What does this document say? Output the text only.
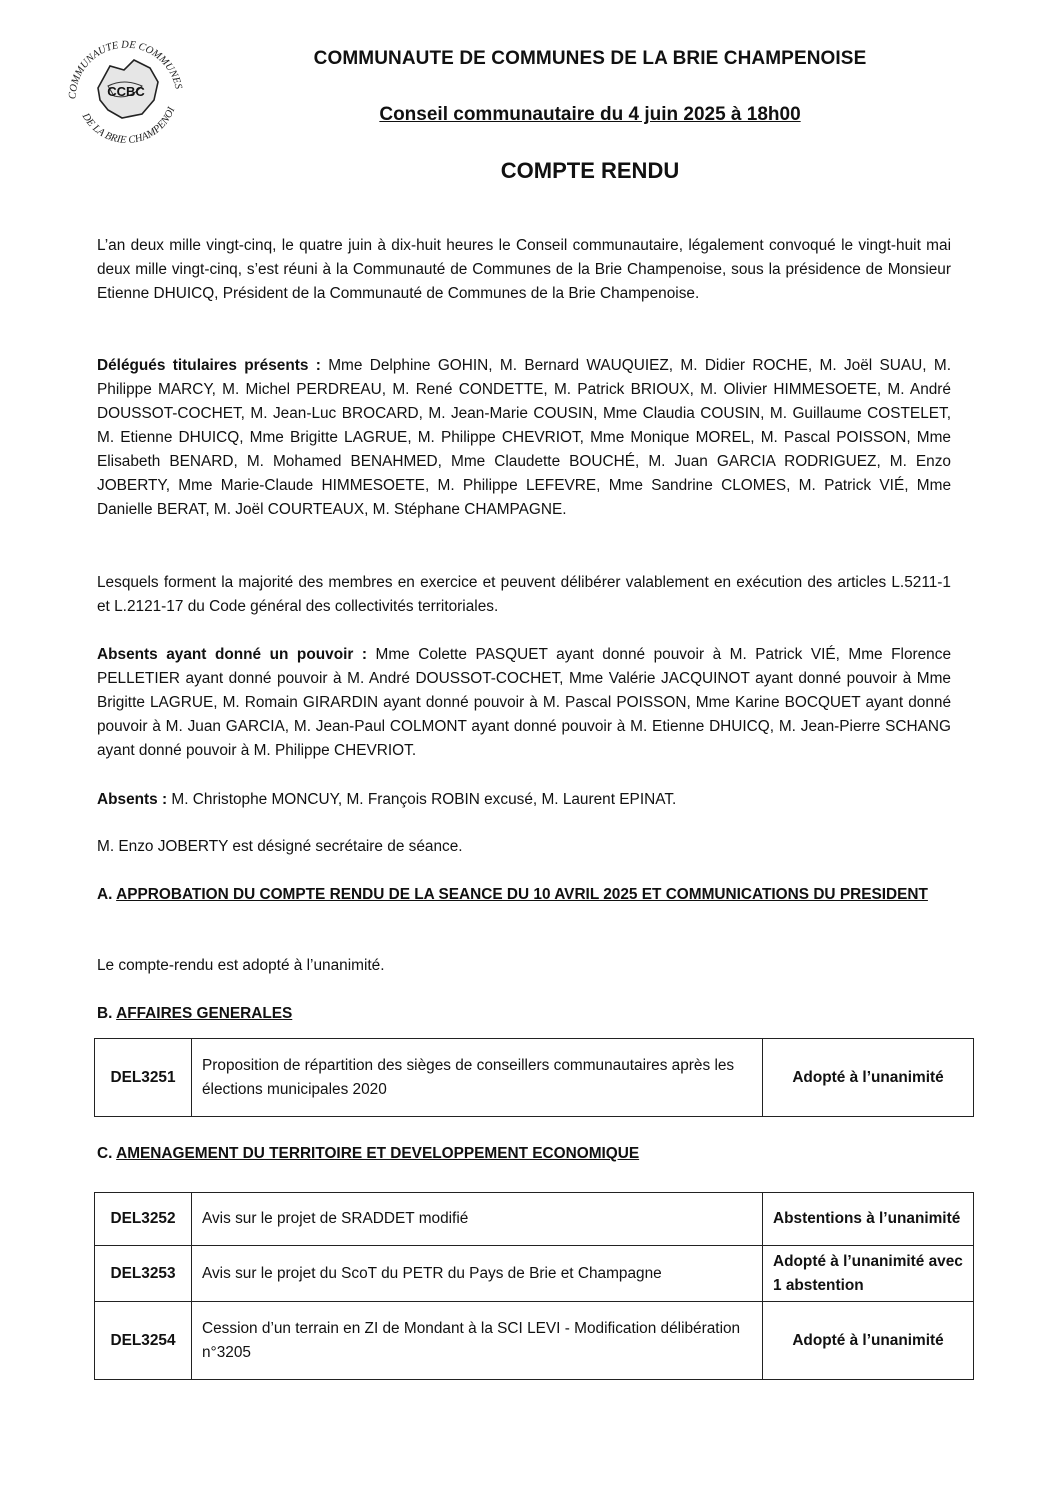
COMMUNAUTE DE COMMUNES
DE LA BRIE CHAMPENOI
CCBC
COMMUNAUTE DE COMMUNES DE LA BRIE CHAMPENOISE
Conseil communautaire du 4 juin 2025 à 18h00
COMPTE RENDU
L’an deux mille vingt-cinq, le quatre juin à dix-huit heures le Conseil communautaire, légalement convoqué le vingt-huit mai deux mille vingt-cinq, s’est réuni à la Communauté de Communes de la Brie Champenoise, sous la présidence de Monsieur Etienne DHUICQ, Président de la Communauté de Communes de la Brie Champenoise.
Délégués titulaires présents : Mme Delphine GOHIN, M. Bernard WAUQUIEZ, M. Didier ROCHE, M. Joël SUAU, M. Philippe MARCY, M. Michel PERDREAU, M. René CONDETTE, M. Patrick BRIOUX, M. Olivier HIMMESOETE, M. André DOUSSOT-COCHET, M. Jean-Luc BROCARD, M. Jean-Marie COUSIN, Mme Claudia COUSIN, M. Guillaume COSTELET, M. Etienne DHUICQ, Mme Brigitte LAGRUE, M. Philippe CHEVRIOT, Mme Monique MOREL, M. Pascal POISSON, Mme Elisabeth BENARD, M. Mohamed BENAHMED, Mme Claudette BOUCHÉ, M. Juan GARCIA RODRIGUEZ, M. Enzo JOBERTY, Mme Marie-Claude HIMMESOETE, M. Philippe LEFEVRE, Mme Sandrine CLOMES, M. Patrick VIÉ, Mme Danielle BERAT, M. Joël COURTEAUX, M. Stéphane CHAMPAGNE.
Lesquels forment la majorité des membres en exercice et peuvent délibérer valablement en exécution des articles L.5211-1 et L.2121-17 du Code général des collectivités territoriales.
Absents ayant donné un pouvoir : Mme Colette PASQUET ayant donné pouvoir à M. Patrick VIÉ, Mme Florence PELLETIER ayant donné pouvoir à M. André DOUSSOT-COCHET, Mme Valérie JACQUINOT ayant donné pouvoir à Mme Brigitte LAGRUE, M. Romain GIRARDIN ayant donné pouvoir à M. Pascal POISSON, Mme Karine BOCQUET ayant donné pouvoir à M. Juan GARCIA, M. Jean-Paul COLMONT ayant donné pouvoir à M. Etienne DHUICQ, M. Jean-Pierre SCHANG ayant donné pouvoir à M. Philippe CHEVRIOT.
Absents : M. Christophe MONCUY, M. François ROBIN excusé, M. Laurent EPINAT.
M. Enzo JOBERTY est désigné secrétaire de séance.
A. APPROBATION DU COMPTE RENDU DE LA SEANCE DU 10 AVRIL 2025 ET COMMUNICATIONS DU PRESIDENT
Le compte-rendu est adopté à l’unanimité.
B. AFFAIRES GENERALES
DEL3251	Proposition de répartition des sièges de conseillers communautaires après les élections municipales 2020	Adopté à l’unanimité
C. AMENAGEMENT DU TERRITOIRE ET DEVELOPPEMENT ECONOMIQUE
DEL3252	Avis sur le projet de SRADDET modifié	Abstentions à l’unanimité
DEL3253	Avis sur le projet du ScoT du PETR du Pays de Brie et Champagne	Adopté à l’unanimité avec 1 abstention
DEL3254	Cession d’un terrain en ZI de Mondant à la SCI LEVI - Modification délibération n°3205	Adopté à l’unanimité
